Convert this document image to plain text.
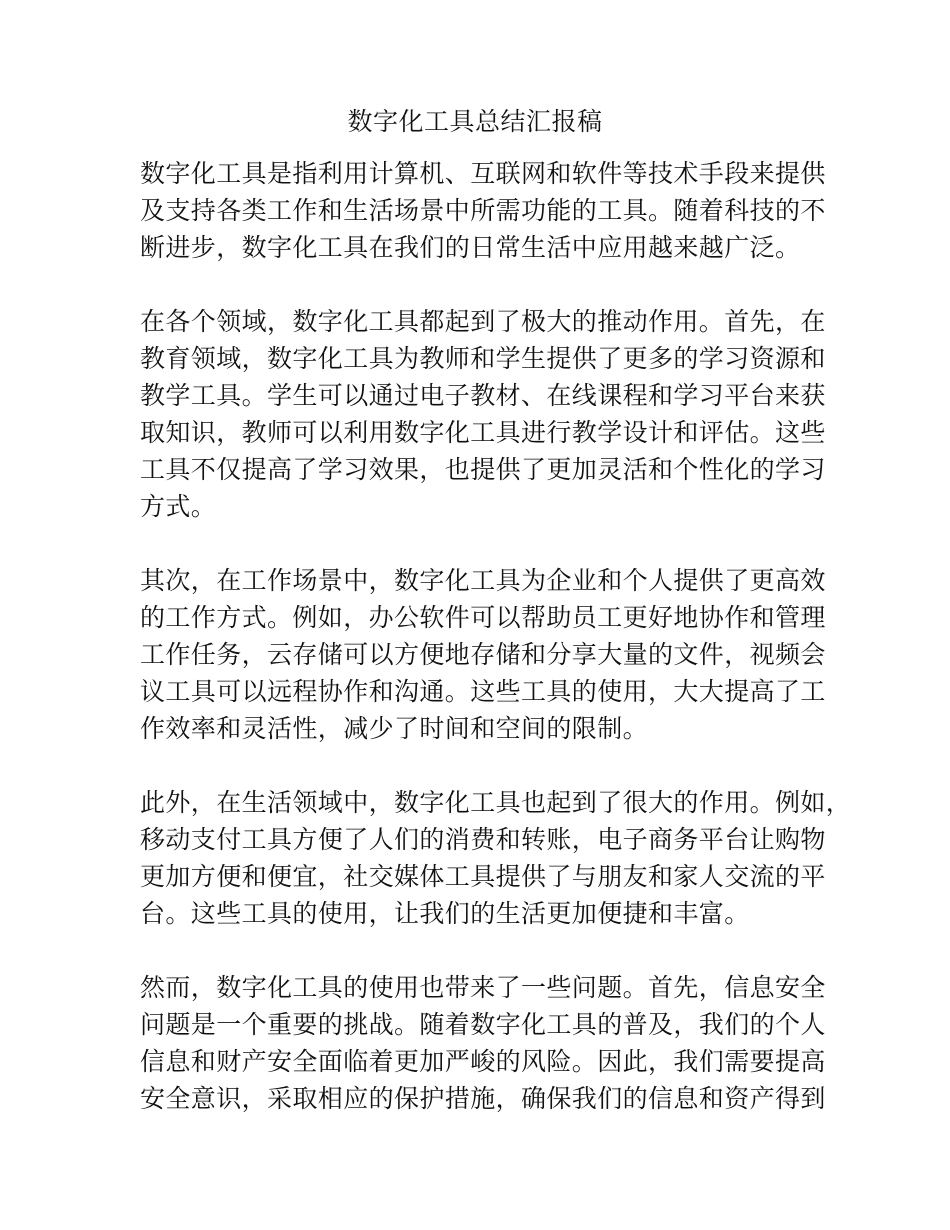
数字化工具总结汇报稿
数字化工具是指利用计算机、互联网和软件等技术手段来提供
及支持各类工作和生活场景中所需功能的工具。随着科技的不
断进步，数字化工具在我们的日常生活中应用越来越广泛。
在各个领域，数字化工具都起到了极大的推动作用。首先，在
教育领域，数字化工具为教师和学生提供了更多的学习资源和
教学工具。学生可以通过电子教材、在线课程和学习平台来获
取知识，教师可以利用数字化工具进行教学设计和评估。这些
工具不仅提高了学习效果，也提供了更加灵活和个性化的学习
方式。
其次，在工作场景中，数字化工具为企业和个人提供了更高效
的工作方式。例如，办公软件可以帮助员工更好地协作和管理
工作任务，云存储可以方便地存储和分享大量的文件，视频会
议工具可以远程协作和沟通。这些工具的使用，大大提高了工
作效率和灵活性，减少了时间和空间的限制。
此外，在生活领域中，数字化工具也起到了很大的作用。例如，
移动支付工具方便了人们的消费和转账，电子商务平台让购物
更加方便和便宜，社交媒体工具提供了与朋友和家人交流的平
台。这些工具的使用，让我们的生活更加便捷和丰富。
然而，数字化工具的使用也带来了一些问题。首先，信息安全
问题是一个重要的挑战。随着数字化工具的普及，我们的个人
信息和财产安全面临着更加严峻的风险。因此，我们需要提高
安全意识，采取相应的保护措施，确保我们的信息和资产得到
